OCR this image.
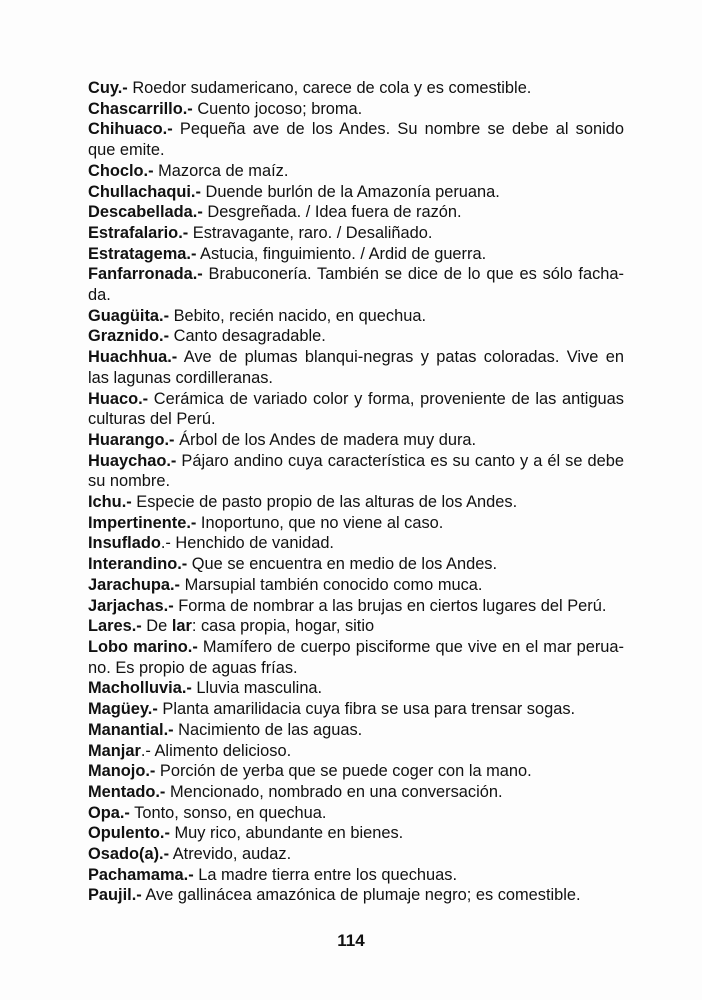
Cuy.- Roedor sudamericano, carece de cola y es comestible.
Chascarrillo.- Cuento jocoso; broma.
Chihuaco.- Pequeña ave de los Andes. Su nombre se debe al sonido que emite.
Choclo.- Mazorca de maíz.
Chullachaqui.- Duende burlón de la Amazonía peruana.
Descabellada.- Desgreñada. / Idea fuera de razón.
Estrafalario.- Estravagante, raro. / Desaliñado.
Estratagema.- Astucia, finguimiento. / Ardid de guerra.
Fanfarronada.- Brabuconería. También se dice de lo que es sólo facha-da.
Guagüita.- Bebito, recién nacido, en quechua.
Graznido.- Canto desagradable.
Huachhua.- Ave de plumas blanqui-negras y patas coloradas. Vive en las lagunas cordilleranas.
Huaco.- Cerámica de variado color y forma, proveniente de las antiguas culturas del Perú.
Huarango.- Árbol de los Andes de madera muy dura.
Huaychao.- Pájaro andino cuya característica es su canto y a él se debe su nombre.
Ichu.- Especie de pasto propio de las alturas de los Andes.
Impertinente.- Inoportuno, que no viene al caso.
Insuflado.- Henchido de vanidad.
Interandino.- Que se encuentra en medio de los Andes.
Jarachupa.- Marsupial también conocido como muca.
Jarjachas.- Forma de nombrar a las brujas en ciertos lugares del Perú.
Lares.- De lar: casa propia, hogar, sitio
Lobo marino.- Mamífero de cuerpo pisciforme que vive en el mar perua-no. Es propio de aguas frías.
Macholluvia.- Lluvia masculina.
Magüey.- Planta amarilidacia cuya fibra se usa para trensar sogas.
Manantial.- Nacimiento de las aguas.
Manjar.- Alimento delicioso.
Manojo.- Porción de yerba que se puede coger con la mano.
Mentado.- Mencionado, nombrado en una conversación.
Opa.- Tonto, sonso, en quechua.
Opulento.- Muy rico, abundante en bienes.
Osado(a).- Atrevido, audaz.
Pachamama.- La madre tierra entre los quechuas.
Paujil.- Ave gallinácea amazónica de plumaje negro; es comestible.
114
